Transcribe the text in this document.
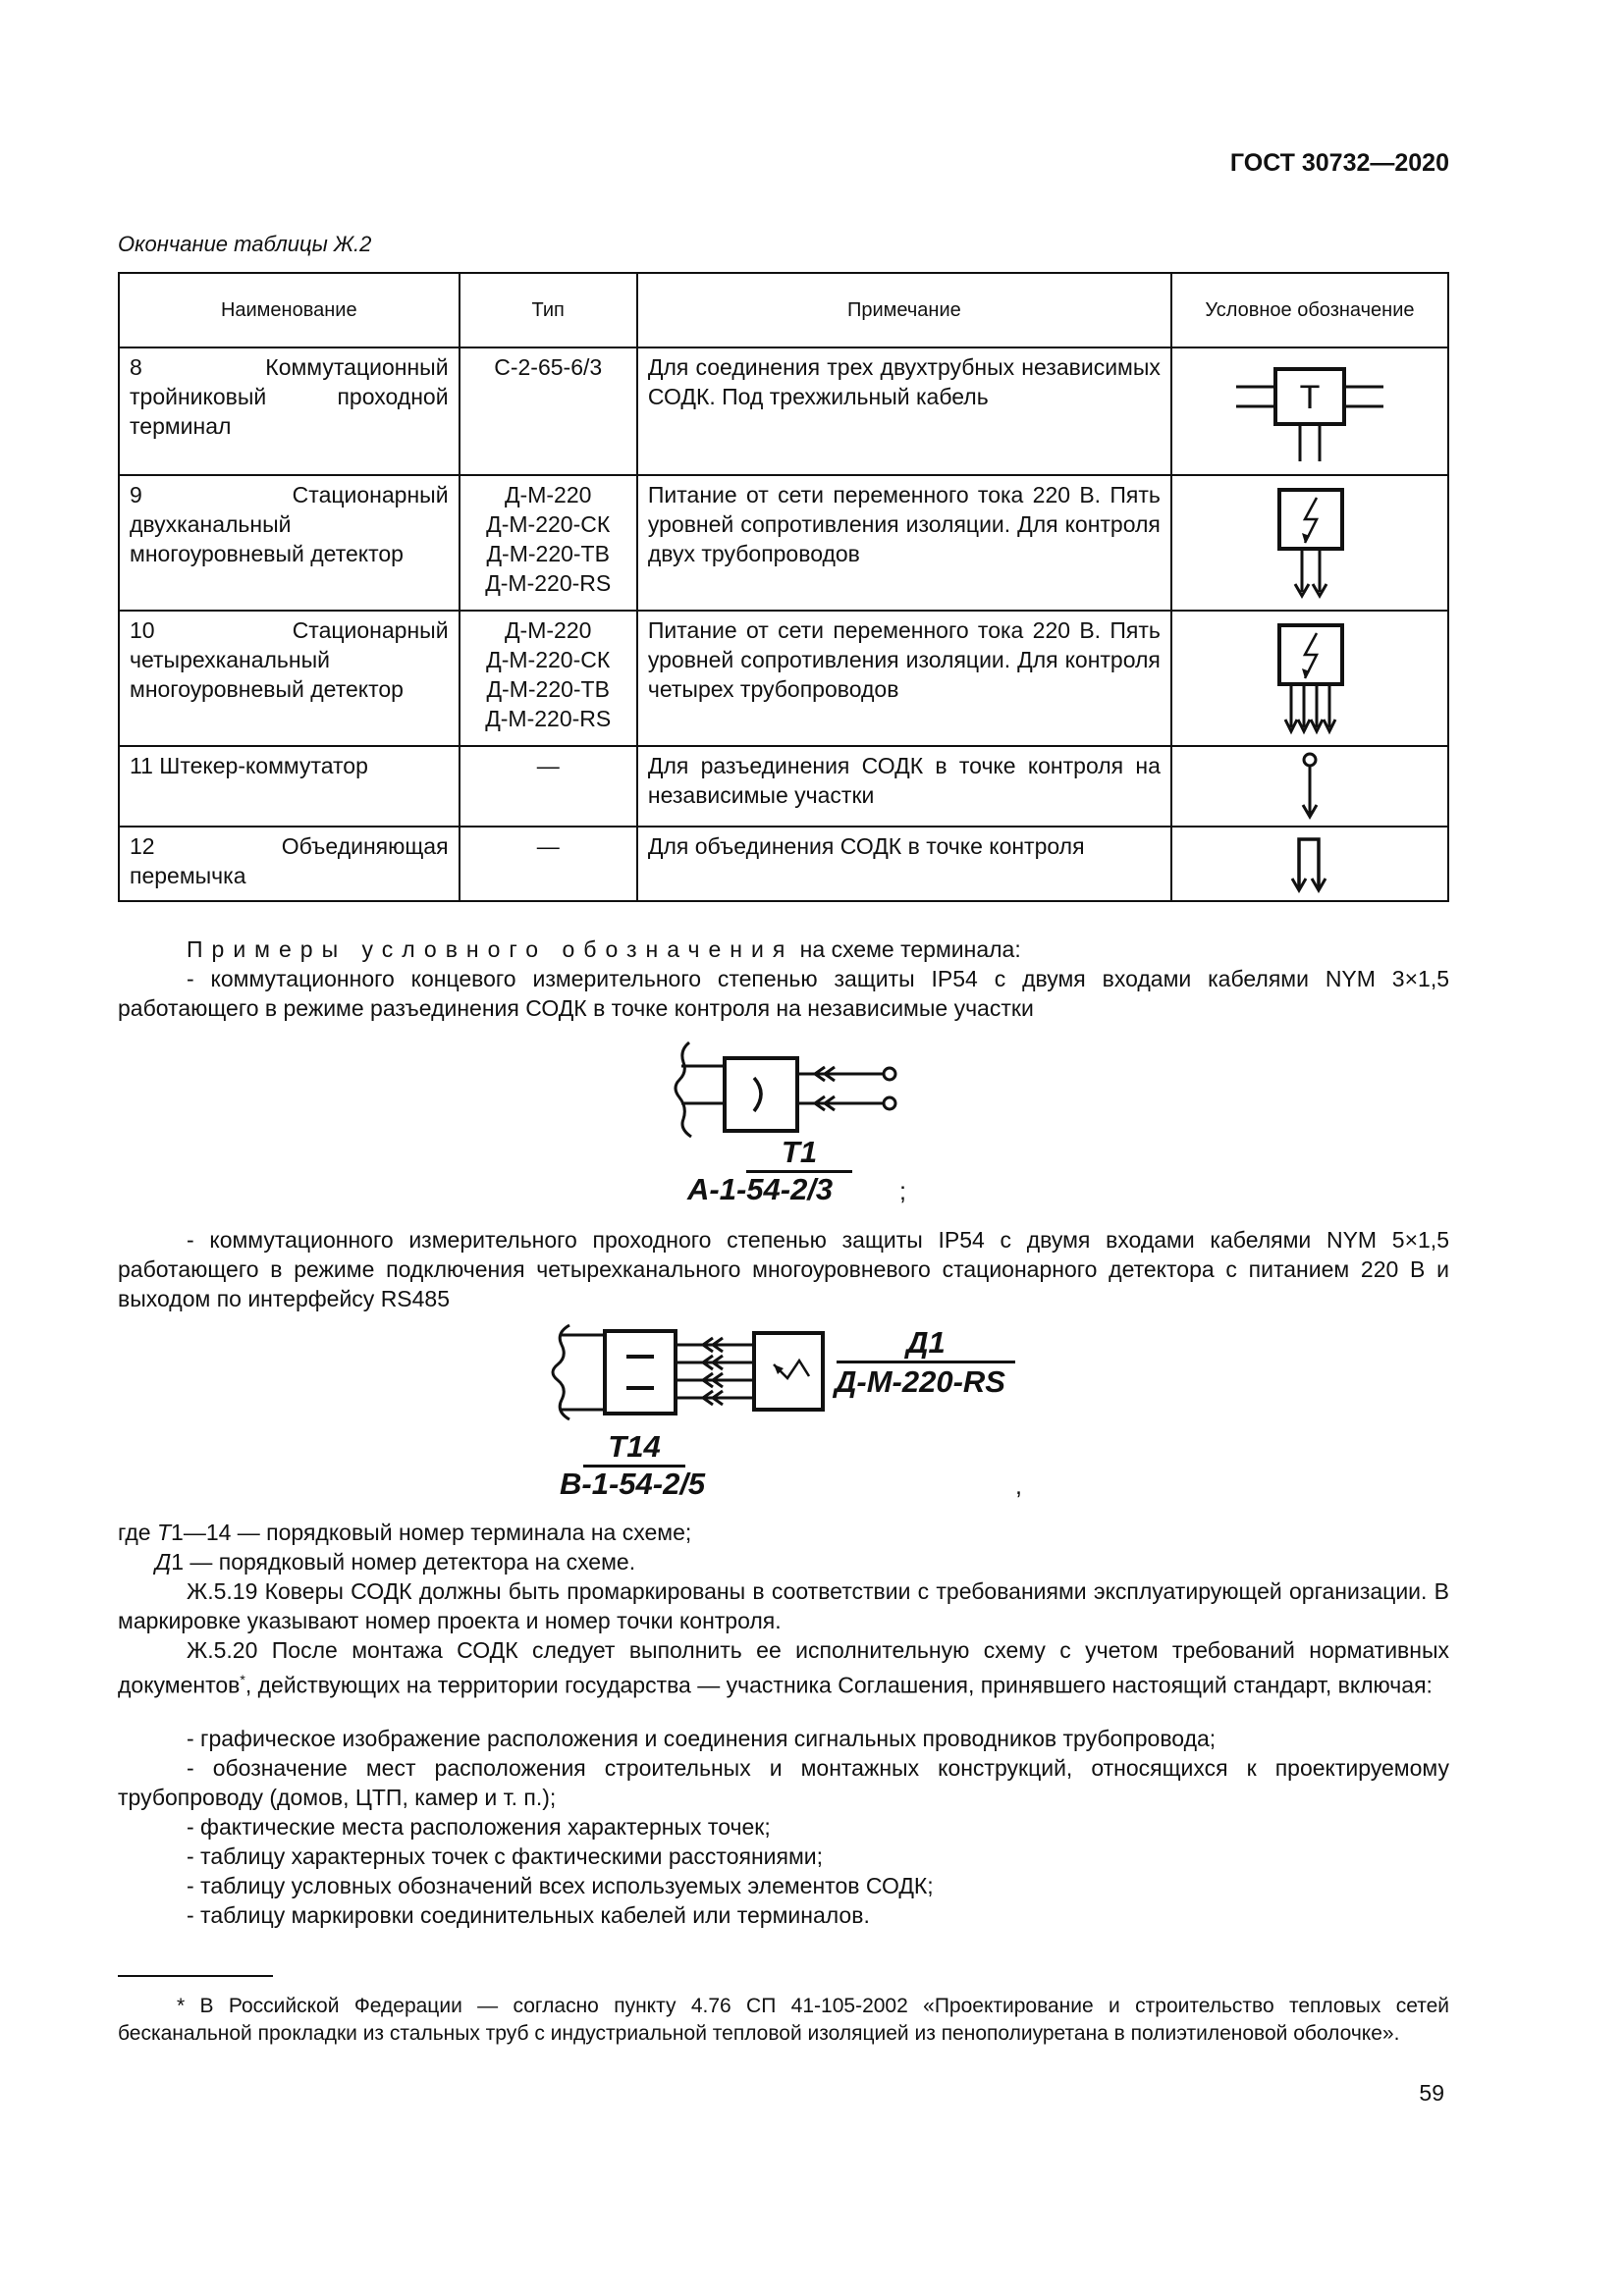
ГОСТ 30732—2020
Окончание таблицы Ж.2
Наименование	Тип	Примечание	Условное обозначение
8 Коммутационный тройниковый проходной терминал	С-2-65-6/3	Для соединения трех двухтрубных независимых СОДК. Под трехжильный кабель	T

9 Стационарный двухканальный многоуровневый детектор	Д-М-220
Д-М-220-СК
Д-М-220-ТВ
Д-М-220-RS	Питание от сети переменного тока 220 В. Пять уровней сопротивления изоляции. Для контроля двух трубопроводов	

10 Стационарный четырехканальный многоуровневый детектор	Д-М-220
Д-М-220-СК
Д-М-220-ТВ
Д-М-220-RS	Питание от сети переменного тока 220 В. Пять уровней сопротивления изоляции. Для контроля четырех трубопроводов	

11 Штекер-коммутатор	—	Для разъединения СОДК в точке контроля на независимые участки	

12 Объединяющая перемычка	—	Для объединения СОДК в точке контроля	
Примеры условного обозначения на схеме терминала:
- коммутационного концевого измерительного степенью защиты IP54 с двумя входами кабелями NYM 3×1,5 работающего в режиме разъединения СОДК в точке контроля на независимые участки
Т1
А-1-54-2/3	;
- коммутационного измерительного проходного степенью защиты IP54 с двумя входами кабелями NYM 5×1,5 работающего в режиме подключения четырехканального многоуровневого стационарного детектора с питанием 220 В и выходом по интерфейсу RS485
Д1
Д-М-220-RS
Т14
В-1-54-2/5	,
где Т1—14 — порядковый номер терминала на схеме;
Д1 — порядковый номер детектора на схеме.
Ж.5.19 Коверы СОДК должны быть промаркированы в соответствии с требованиями эксплуатирующей организации. В маркировке указывают номер проекта и номер точки контроля.
Ж.5.20 После монтажа СОДК следует выполнить ее исполнительную схему с учетом требований нормативных документов*, действующих на территории государства — участника Соглашения, принявшего настоящий стандарт, включая:
- графическое изображение расположения и соединения сигнальных проводников трубопровода;
- обозначение мест расположения строительных и монтажных конструкций, относящихся к проектируемому трубопроводу (домов, ЦТП, камер и т. п.);
- фактические места расположения характерных точек;
- таблицу характерных точек с фактическими расстояниями;
- таблицу условных обозначений всех используемых элементов СОДК;
- таблицу маркировки соединительных кабелей или терминалов.
* В Российской Федерации — согласно пункту 4.76 СП 41-105-2002 «Проектирование и строительство тепловых сетей бесканальной прокладки из стальных труб с индустриальной тепловой изоляцией из пенополиуретана в полиэтиленовой оболочке».
59
